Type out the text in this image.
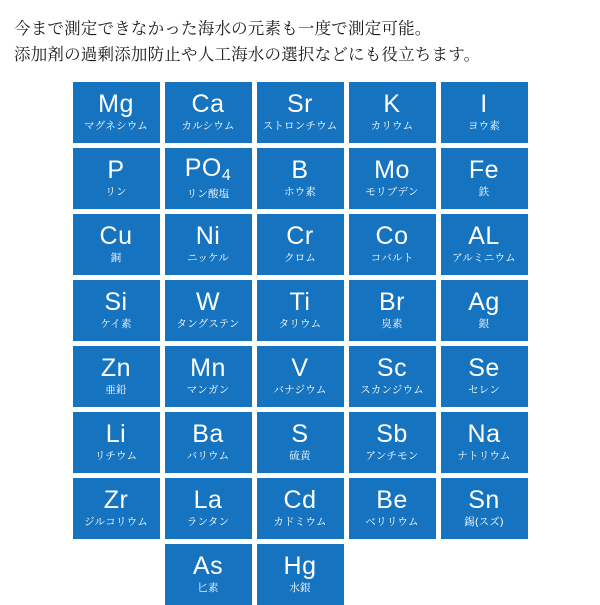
今まで測定できなかった海水の元素も一度で測定可能。
添加剤の過剰添加防止や人工海水の選択などにも役立ちます。
Mg
マグネシウム
Ca
カルシウム
Sr
ストロンチウム
K
カリウム
I
ヨウ素
P
リン
PO4
リン酸塩
B
ホウ素
Mo
モリブデン
Fe
鉄
Cu
銅
Ni
ニッケル
Cr
クロム
Co
コバルト
AL
アルミニウム
Si
ケイ素
W
タングステン
Ti
タリウム
Br
臭素
Ag
銀
Zn
亜鉛
Mn
マンガン
V
バナジウム
Sc
スカンジウム
Se
セレン
Li
リチウム
Ba
バリウム
S
硫黄
Sb
アンチモン
Na
ナトリウム
Zr
ジルコリウム
La
ランタン
Cd
カドミウム
Be
ベリリウム
Sn
錫(スズ)
As
匕素
Hg
水銀
